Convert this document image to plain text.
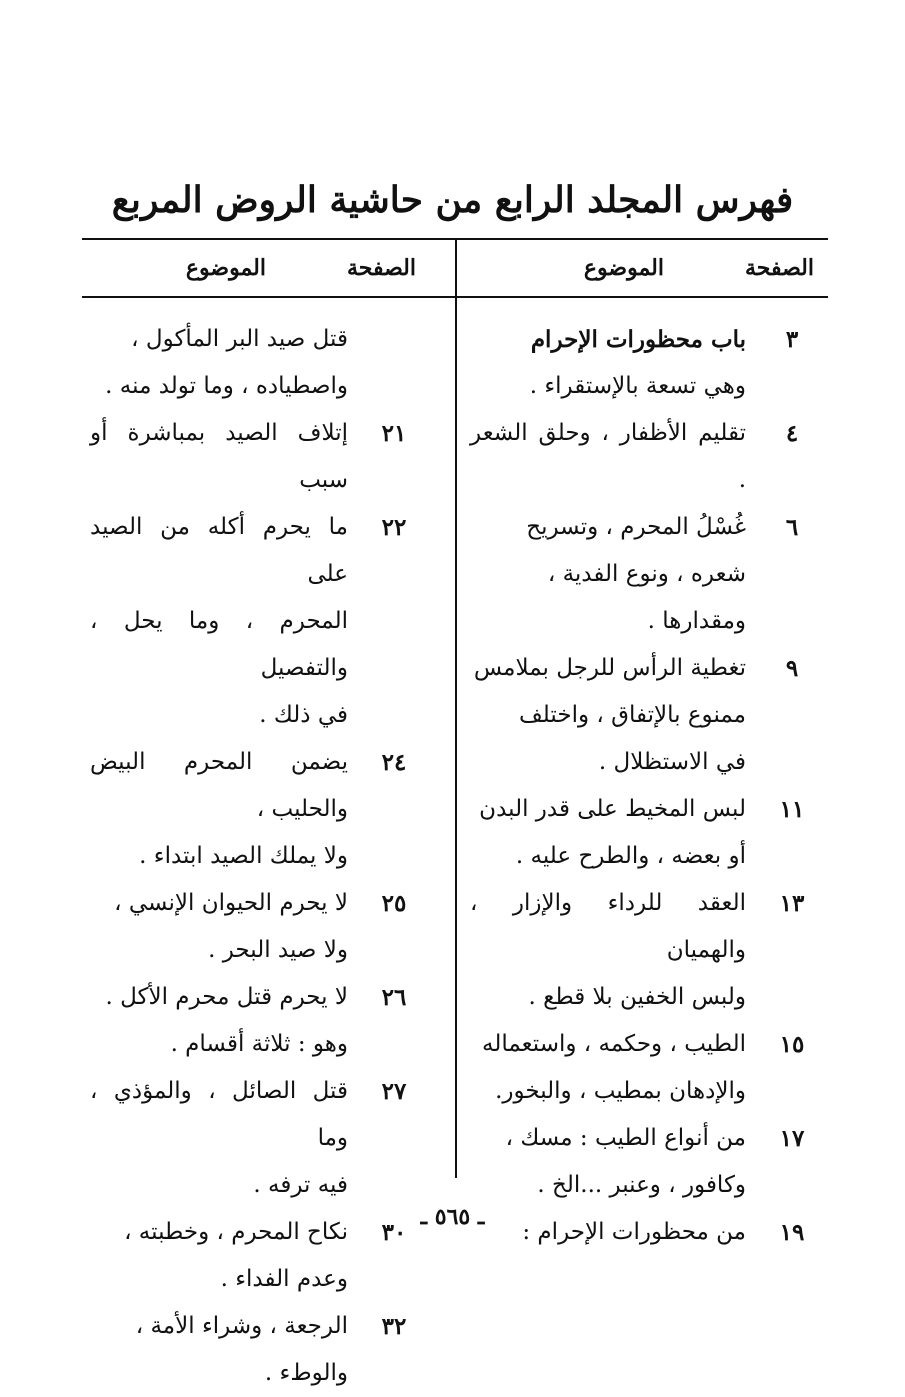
فهرس المجلد الرابع من حاشية الروض المربع
الصفحة
الموضوع
الصفحة
الموضوع
٣
باب محظورات الإحرام
وهي تسعة بالإستقراء .
٤
تقليم الأظفار ، وحلق الشعر .
٦
غُسْلُ المحرم ، وتسريح
شعره ، ونوع الفدية ،
ومقدارها .
٩
تغطية الرأس للرجل بملامس
ممنوع بالإتفاق ، واختلف
في الاستظلال .
١١
لبس المخيط على قدر البدن
أو بعضه ، والطرح عليه .
١٣
العقد للرداء والإزار ، والهميان
ولبس الخفين بلا قطع .
١٥
الطيب ، وحكمه ، واستعماله
والإدهان بمطيب ، والبخور.
١٧
من أنواع الطيب : مسك ،
وكافور ، وعنبر ...الخ .
١٩
من محظورات الإحرام :
قتل صيد البر المأكول ،
واصطياده ، وما تولد منه .
٢١
إتلاف الصيد بمباشرة أو سبب
٢٢
ما يحرم أكله من الصيد على
المحرم ، وما يحل ، والتفصيل
في ذلك .
٢٤
يضمن المحرم البيض والحليب ،
ولا يملك الصيد ابتداء .
٢٥
لا يحرم الحيوان الإنسي ،
ولا صيد البحر .
٢٦
لا يحرم قتل محرم الأكل .
وهو : ثلاثة أقسام .
٢٧
قتل الصائل ، والمؤذي ، وما
فيه ترفه .
٣٠
نكاح المحرم ، وخطبته ،
وعدم الفداء .
٣٢
الرجعة ، وشراء الأمة ،
والوطء .
ـ ٥٦٥ ـ
